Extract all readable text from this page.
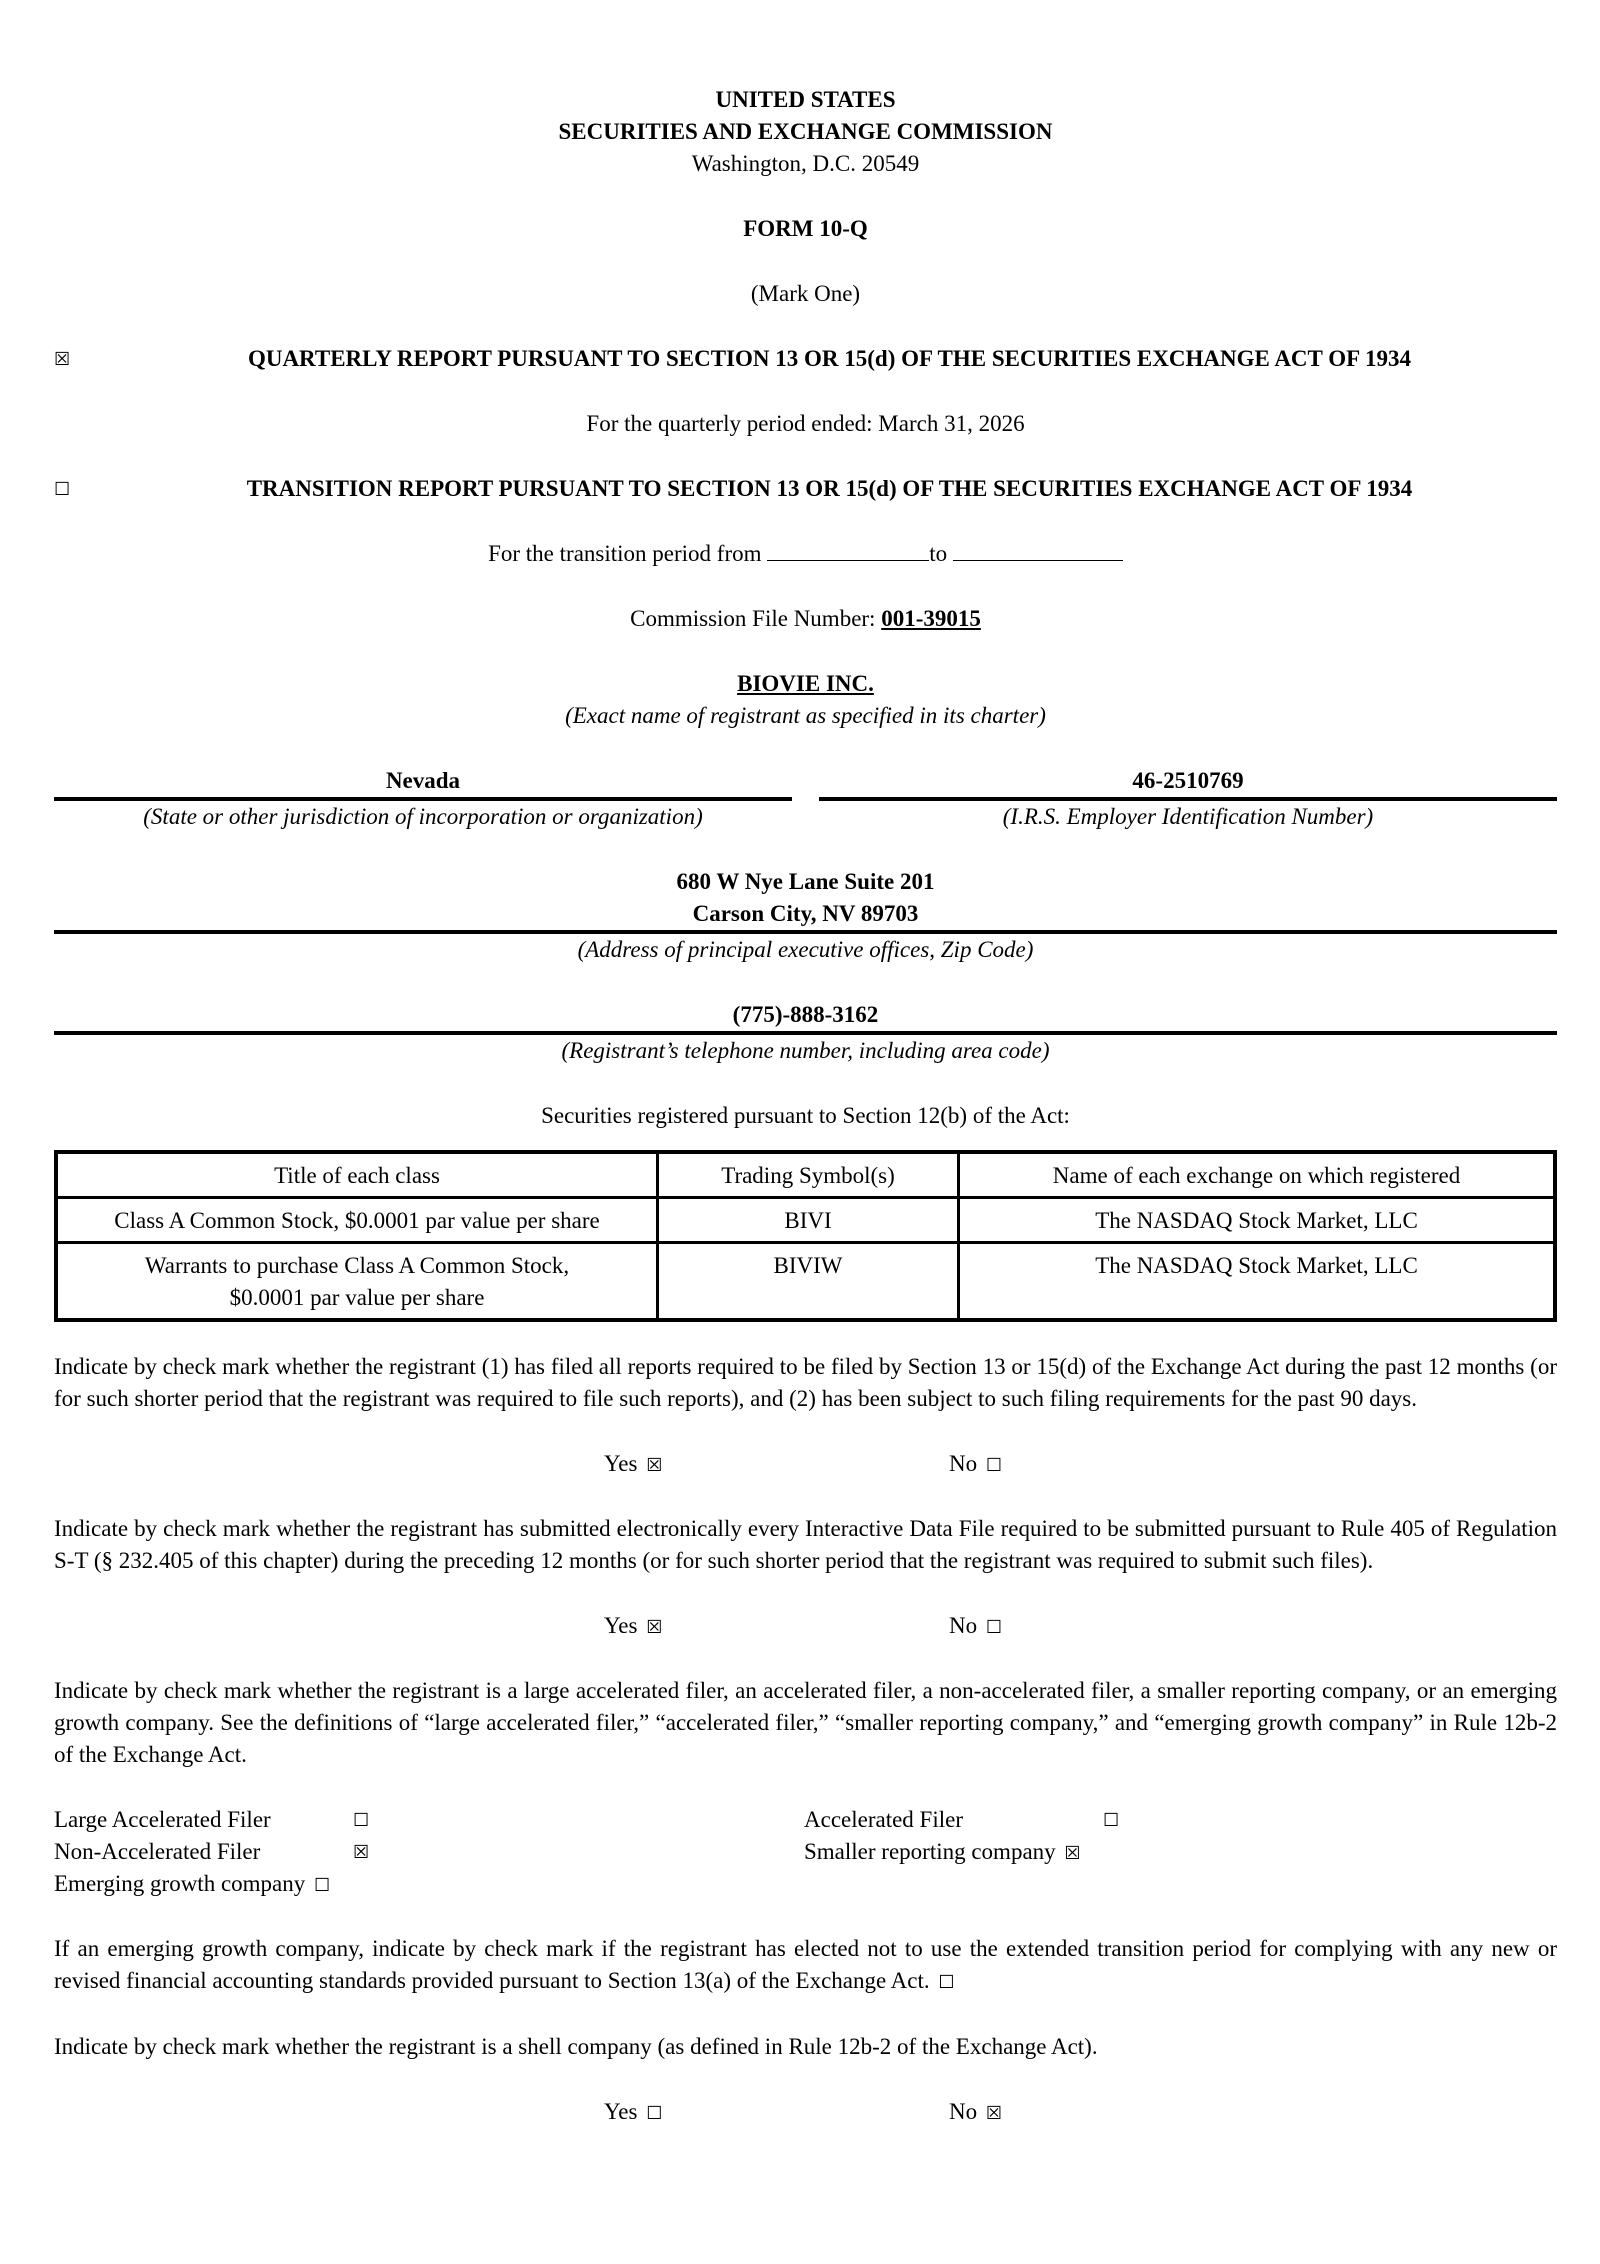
UNITED STATES
SECURITIES AND EXCHANGE COMMISSION
Washington, D.C. 20549
FORM 10-Q
(Mark One)
☒	QUARTERLY REPORT PURSUANT TO SECTION 13 OR 15(d) OF THE SECURITIES EXCHANGE ACT OF 1934
For the quarterly period ended: March 31, 2026
☐	TRANSITION REPORT PURSUANT TO SECTION 13 OR 15(d) OF THE SECURITIES EXCHANGE ACT OF 1934
For the transition period from	to
Commission File Number: 001-39015
BIOVIE INC.
(Exact name of registrant as specified in its charter)
Nevada
(State or other jurisdiction of incorporation or organization)
46-2510769
(I.R.S. Employer Identification Number)
680 W Nye Lane Suite 201
Carson City, NV 89703
(Address of principal executive offices, Zip Code)
(775)-888-3162
(Registrant’s telephone number, including area code)
Securities registered pursuant to Section 12(b) of the Act:
Title of each class	Trading Symbol(s)	Name of each exchange on which registered
Class A Common Stock, $0.0001 par value per share	BIVI	The NASDAQ Stock Market, LLC

Warrants to purchase Class A Common Stock,
$0.0001 par value per share	BIVIW	The NASDAQ Stock Market, LLC

Indicate by check mark whether the registrant (1) has filed all reports required to be filed by Section 13 or 15(d) of the Exchange Act during the past 12 months (or for such shorter period that the registrant was required to file such reports), and (2) has been subject to such filing requirements for the past 90 days.

Yes ☒	No ☐

Indicate by check mark whether the registrant has submitted electronically every Interactive Data File required to be submitted pursuant to Rule 405 of Regulation S-T (§ 232.405 of this chapter) during the preceding 12 months (or for such shorter period that the registrant was required to submit such files).

Yes ☒	No ☐

Indicate by check mark whether the registrant is a large accelerated filer, an accelerated filer, a non-accelerated filer, a smaller reporting company, or an emerging growth company. See the definitions of “large accelerated filer,” “accelerated filer,” “smaller reporting company,” and “emerging growth company” in Rule 12b-2 of the Exchange Act.

Large Accelerated Filer	☐
Non-Accelerated Filer	☒
Emerging growth company ☐
Accelerated Filer	☐
Smaller reporting company ☒

If an emerging growth company, indicate by check mark if the registrant has elected not to use the extended transition period for complying with any new or revised financial accounting standards provided pursuant to Section 13(a) of the Exchange Act. ☐

Indicate by check mark whether the registrant is a shell company (as defined in Rule 12b-2 of the Exchange Act).

Yes ☐	No ☒
